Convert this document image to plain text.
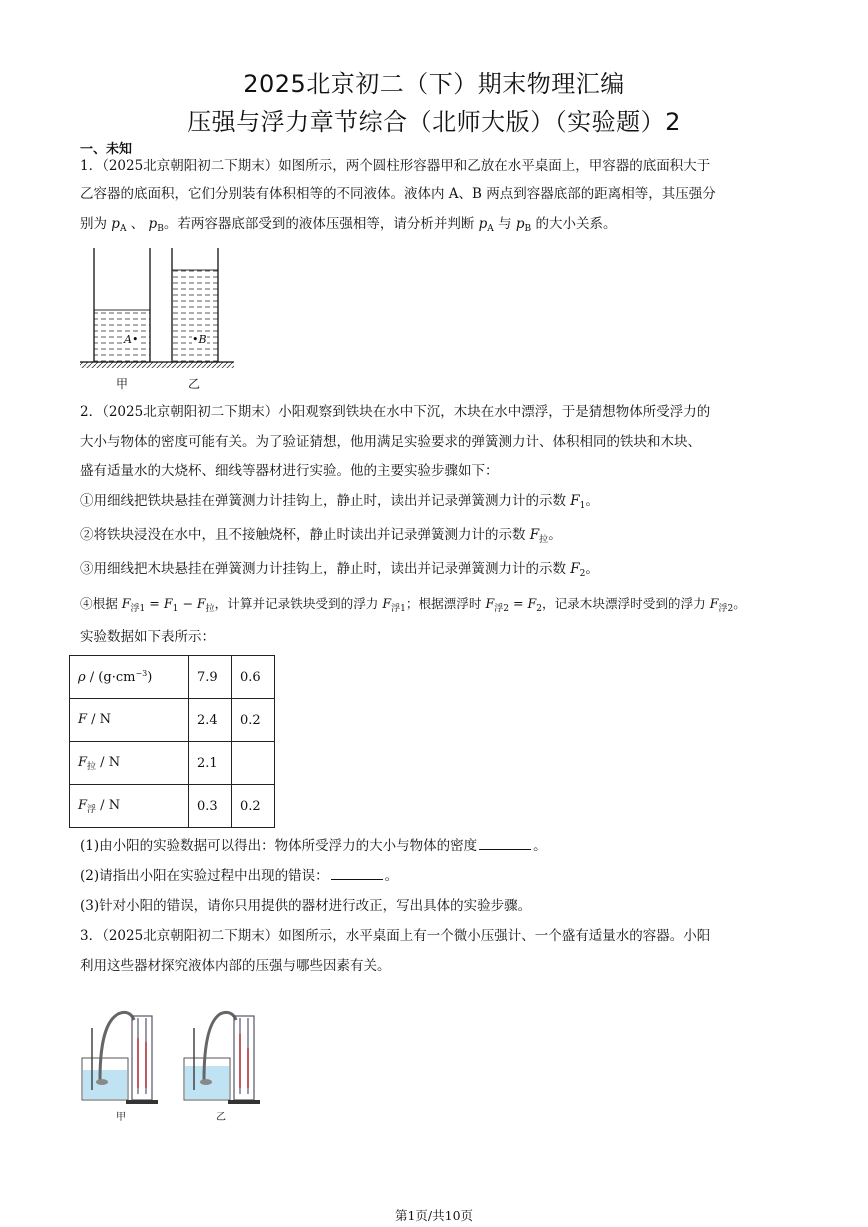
2025北京初二（下）期末物理汇编
压强与浮力章节综合（北师大版）（实验题）2
一、未知
1．（2025北京朝阳初二下期末）如图所示，两个圆柱形容器甲和乙放在水平桌面上，甲容器的底面积大于
乙容器的底面积，它们分别装有体积相等的不同液体。液体内 A、B 两点到容器底部的距离相等，其压强分
别为 $p_A$ 、 $p_B$。若两容器底部受到的液体压强相等，请分析并判断 $p_A$ 与 $p_B$ 的大小关系。
A•	•B
甲	乙
2．（2025北京朝阳初二下期末）小阳观察到铁块在水中下沉，木块在水中漂浮，于是猜想物体所受浮力的
大小与物体的密度可能有关。为了验证猜想，他用满足实验要求的弹簧测力计、体积相同的铁块和木块、
盛有适量水的大烧杯、细线等器材进行实验。他的主要实验步骤如下：
①用细线把铁块悬挂在弹簧测力计挂钩上，静止时，读出并记录弹簧测力计的示数 $F_1$。
②将铁块浸没在水中，且不接触烧杯，静止时读出并记录弹簧测力计的示数 $F_拉$。
③用细线把木块悬挂在弹簧测力计挂钩上，静止时，读出并记录弹簧测力计的示数 $F_2$。
④根据 $F_{浮1} = F_1 - F_拉$，计算并记录铁块受到的浮力 $F_{浮1}$；根据漂浮时 $F_{浮2} = F_2$，记录木块漂浮时受到的浮力 $F_{浮2}$。
实验数据如下表所示：
$\rho / (g\cdot cm^{-3})$	7.9	0.6
F / N	2.4	0.2
$F_拉$ / N	2.1	
$F_浮$ / N	0.3	0.2
(1)由小阳的实验数据可以得出：物体所受浮力的大小与物体的密度	。
(2)请指出小阳在实验过程中出现的错误：	。
(3)针对小阳的错误，请你只用提供的器材进行改正，写出具体的实验步骤。
3．（2025北京朝阳初二下期末）如图所示，水平桌面上有一个微小压强计、一个盛有适量水的容器。小阳
利用这些器材探究液体内部的压强与哪些因素有关。
甲	乙
第1页/共10页
